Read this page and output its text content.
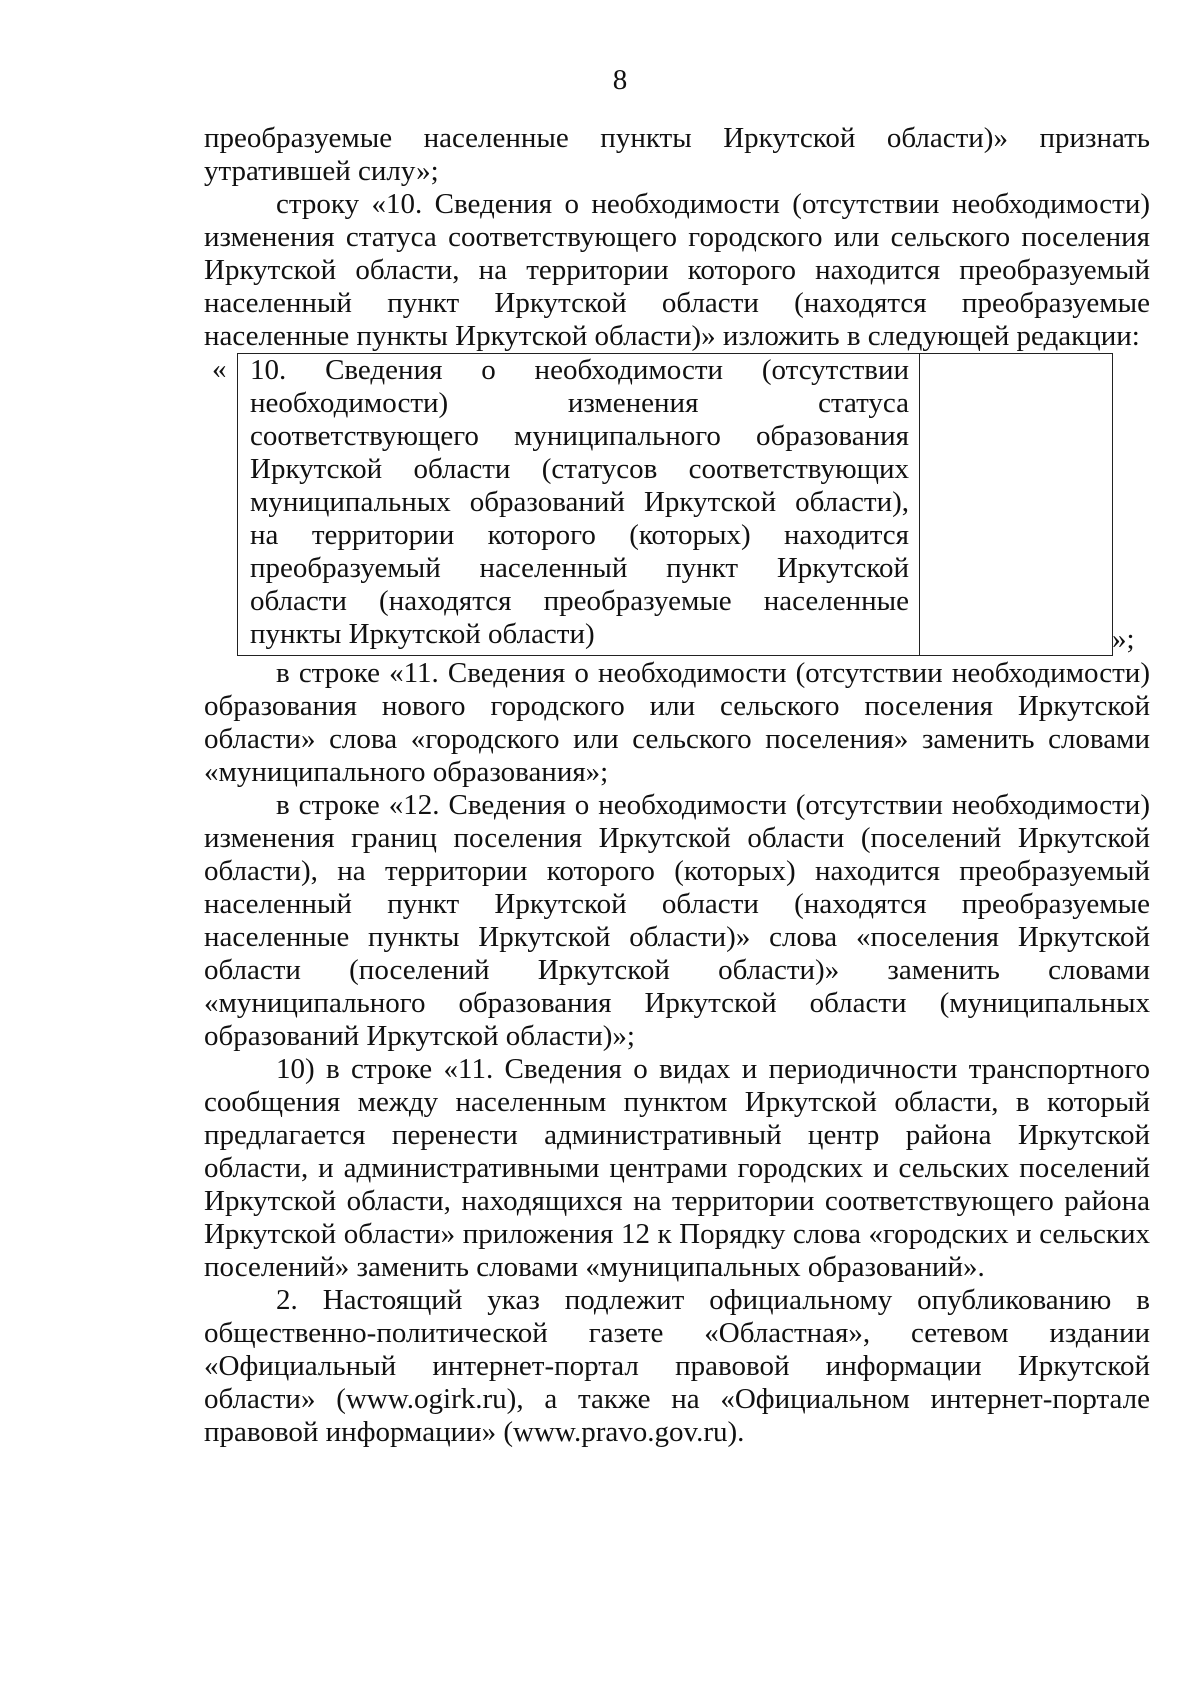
8

преобразуемые населенные пункты Иркутской области)» признать утратившей силу»;

строку «10. Сведения о необходимости (отсутствии необходимости) изменения статуса соответствующего городского или сельского поселения Иркутской области, на территории которого находится преобразуемый населенный пункт Иркутской области (находятся преобразуемые населенные пункты Иркутской области)» изложить в следующей редакции:

« 10. Сведения о необходимости (отсутствии необходимости) изменения статуса соответствующего муниципального образования Иркутской области (статусов соответствующих муниципальных образований Иркутской области), на территории которого (которых) находится преобразуемый населенный пункт Иркутской области (находятся преобразуемые населенные пункты Иркутской области)	»;

в строке «11. Сведения о необходимости (отсутствии необходимости) образования нового городского или сельского поселения Иркутской области» слова «городского или сельского поселения» заменить словами «муниципального образования»;

в строке «12. Сведения о необходимости (отсутствии необходимости) изменения границ поселения Иркутской области (поселений Иркутской области), на территории которого (которых) находится преобразуемый населенный пункт Иркутской области (находятся преобразуемые населенные пункты Иркутской области)» слова «поселения Иркутской области (поселений Иркутской области)» заменить словами «муниципального образования Иркутской области (муниципальных образований Иркутской области)»;

10) в строке «11. Сведения о видах и периодичности транспортного сообщения между населенным пунктом Иркутской области, в который предлагается перенести административный центр района Иркутской области, и административными центрами городских и сельских поселений Иркутской области, находящихся на территории соответствующего района Иркутской области» приложения 12 к Порядку слова «городских и сельских поселений» заменить словами «муниципальных образований».

2. Настоящий указ подлежит официальному опубликованию в общественно-политической газете «Областная», сетевом издании «Официальный интернет-портал правовой информации Иркутской области» (www.ogirk.ru), а также на «Официальном интернет-портале правовой информации» (www.pravo.gov.ru).
